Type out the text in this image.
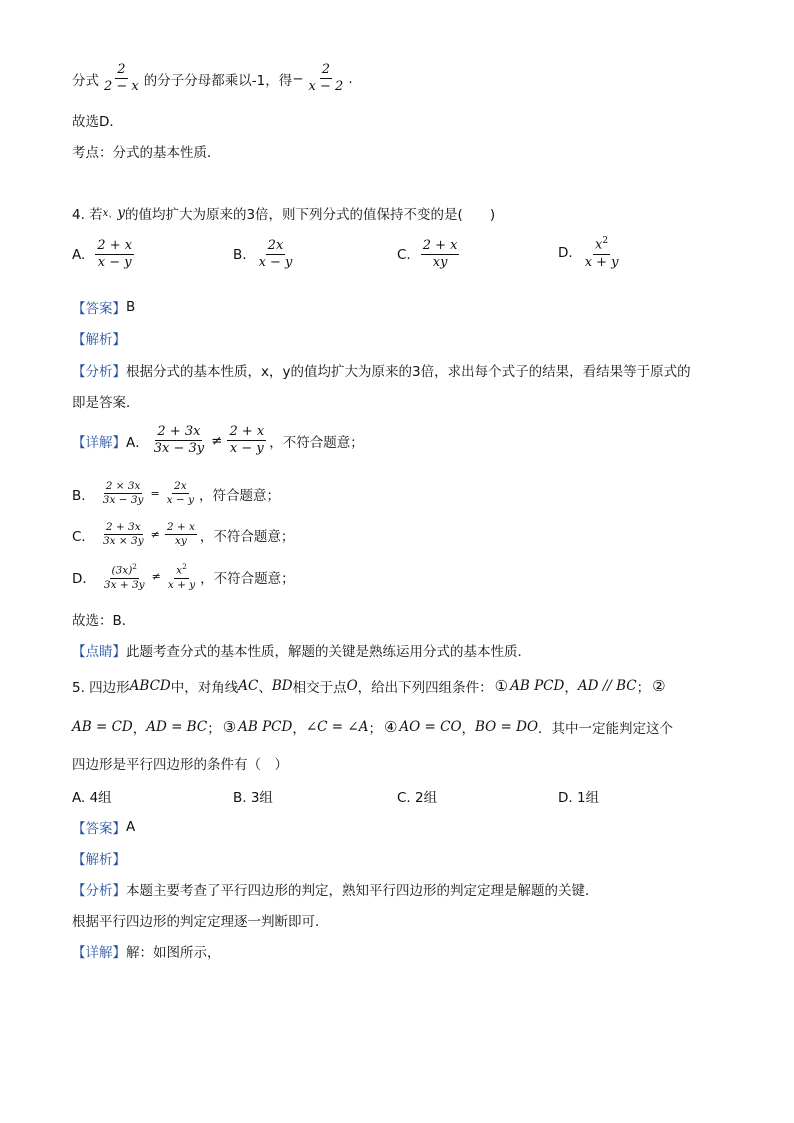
分式 $\frac{2}{2 - x}$ 的分子分母都乘以-1，得 − $\frac{2}{x - 2}$ .
故选D．
考点：分式的基本性质．
4. 若 x 、 y 的值均扩大为原来的3倍，则下列分式的值保持不变的是(　　)
A. $\frac{2 + x}{x - y}$	B. $\frac{2x}{x - y}$	C. $\frac{2 + x}{xy}$	D. $\frac{x^2}{x + y}$
【答案】 B
【解析】
【分析】 根据分式的基本性质，x，y的值均扩大为原来的3倍，求出每个式子的结果，看结果等于原式的
即是答案．
【详解】 A． $\frac{2 + 3x}{3x - 3y} \ne \frac{2 + x}{x - y}$ ，不符合题意；
B． $\frac{2 \times 3x}{3x - 3y} = \frac{2x}{x - y}$ ，符合题意；
C． $\frac{2 + 3x}{3x \times 3y} \ne \frac{2 + x}{xy}$ ，不符合题意；
D． $\frac{(3x)^2}{3x + 3y} \ne \frac{x^2}{x + y}$ ，不符合题意；
故选：B．
【点睛】 此题考查分式的基本性质，解题的关键是熟练运用分式的基本性质．
5. 四边形 ABCD 中，对角线 AC 、 BD 相交于点 O ，给出下列四组条件： ① AB PCD ， AD // BC ； ②
AB = CD ， AD = BC ； ③ AB PCD ， ∠C = ∠A ； ④ AO = CO ， BO = DO ．其中一定能判定这个
四边形是平行四边形的条件有（　）
A. 4组	B. 3组	C. 2组	D. 1组
【答案】 A
【解析】
【分析】 本题主要考查了平行四边形的判定，熟知平行四边形的判定定理是解题的关键．
根据平行四边形的判定定理逐一判断即可．
【详解】 解：如图所示，
